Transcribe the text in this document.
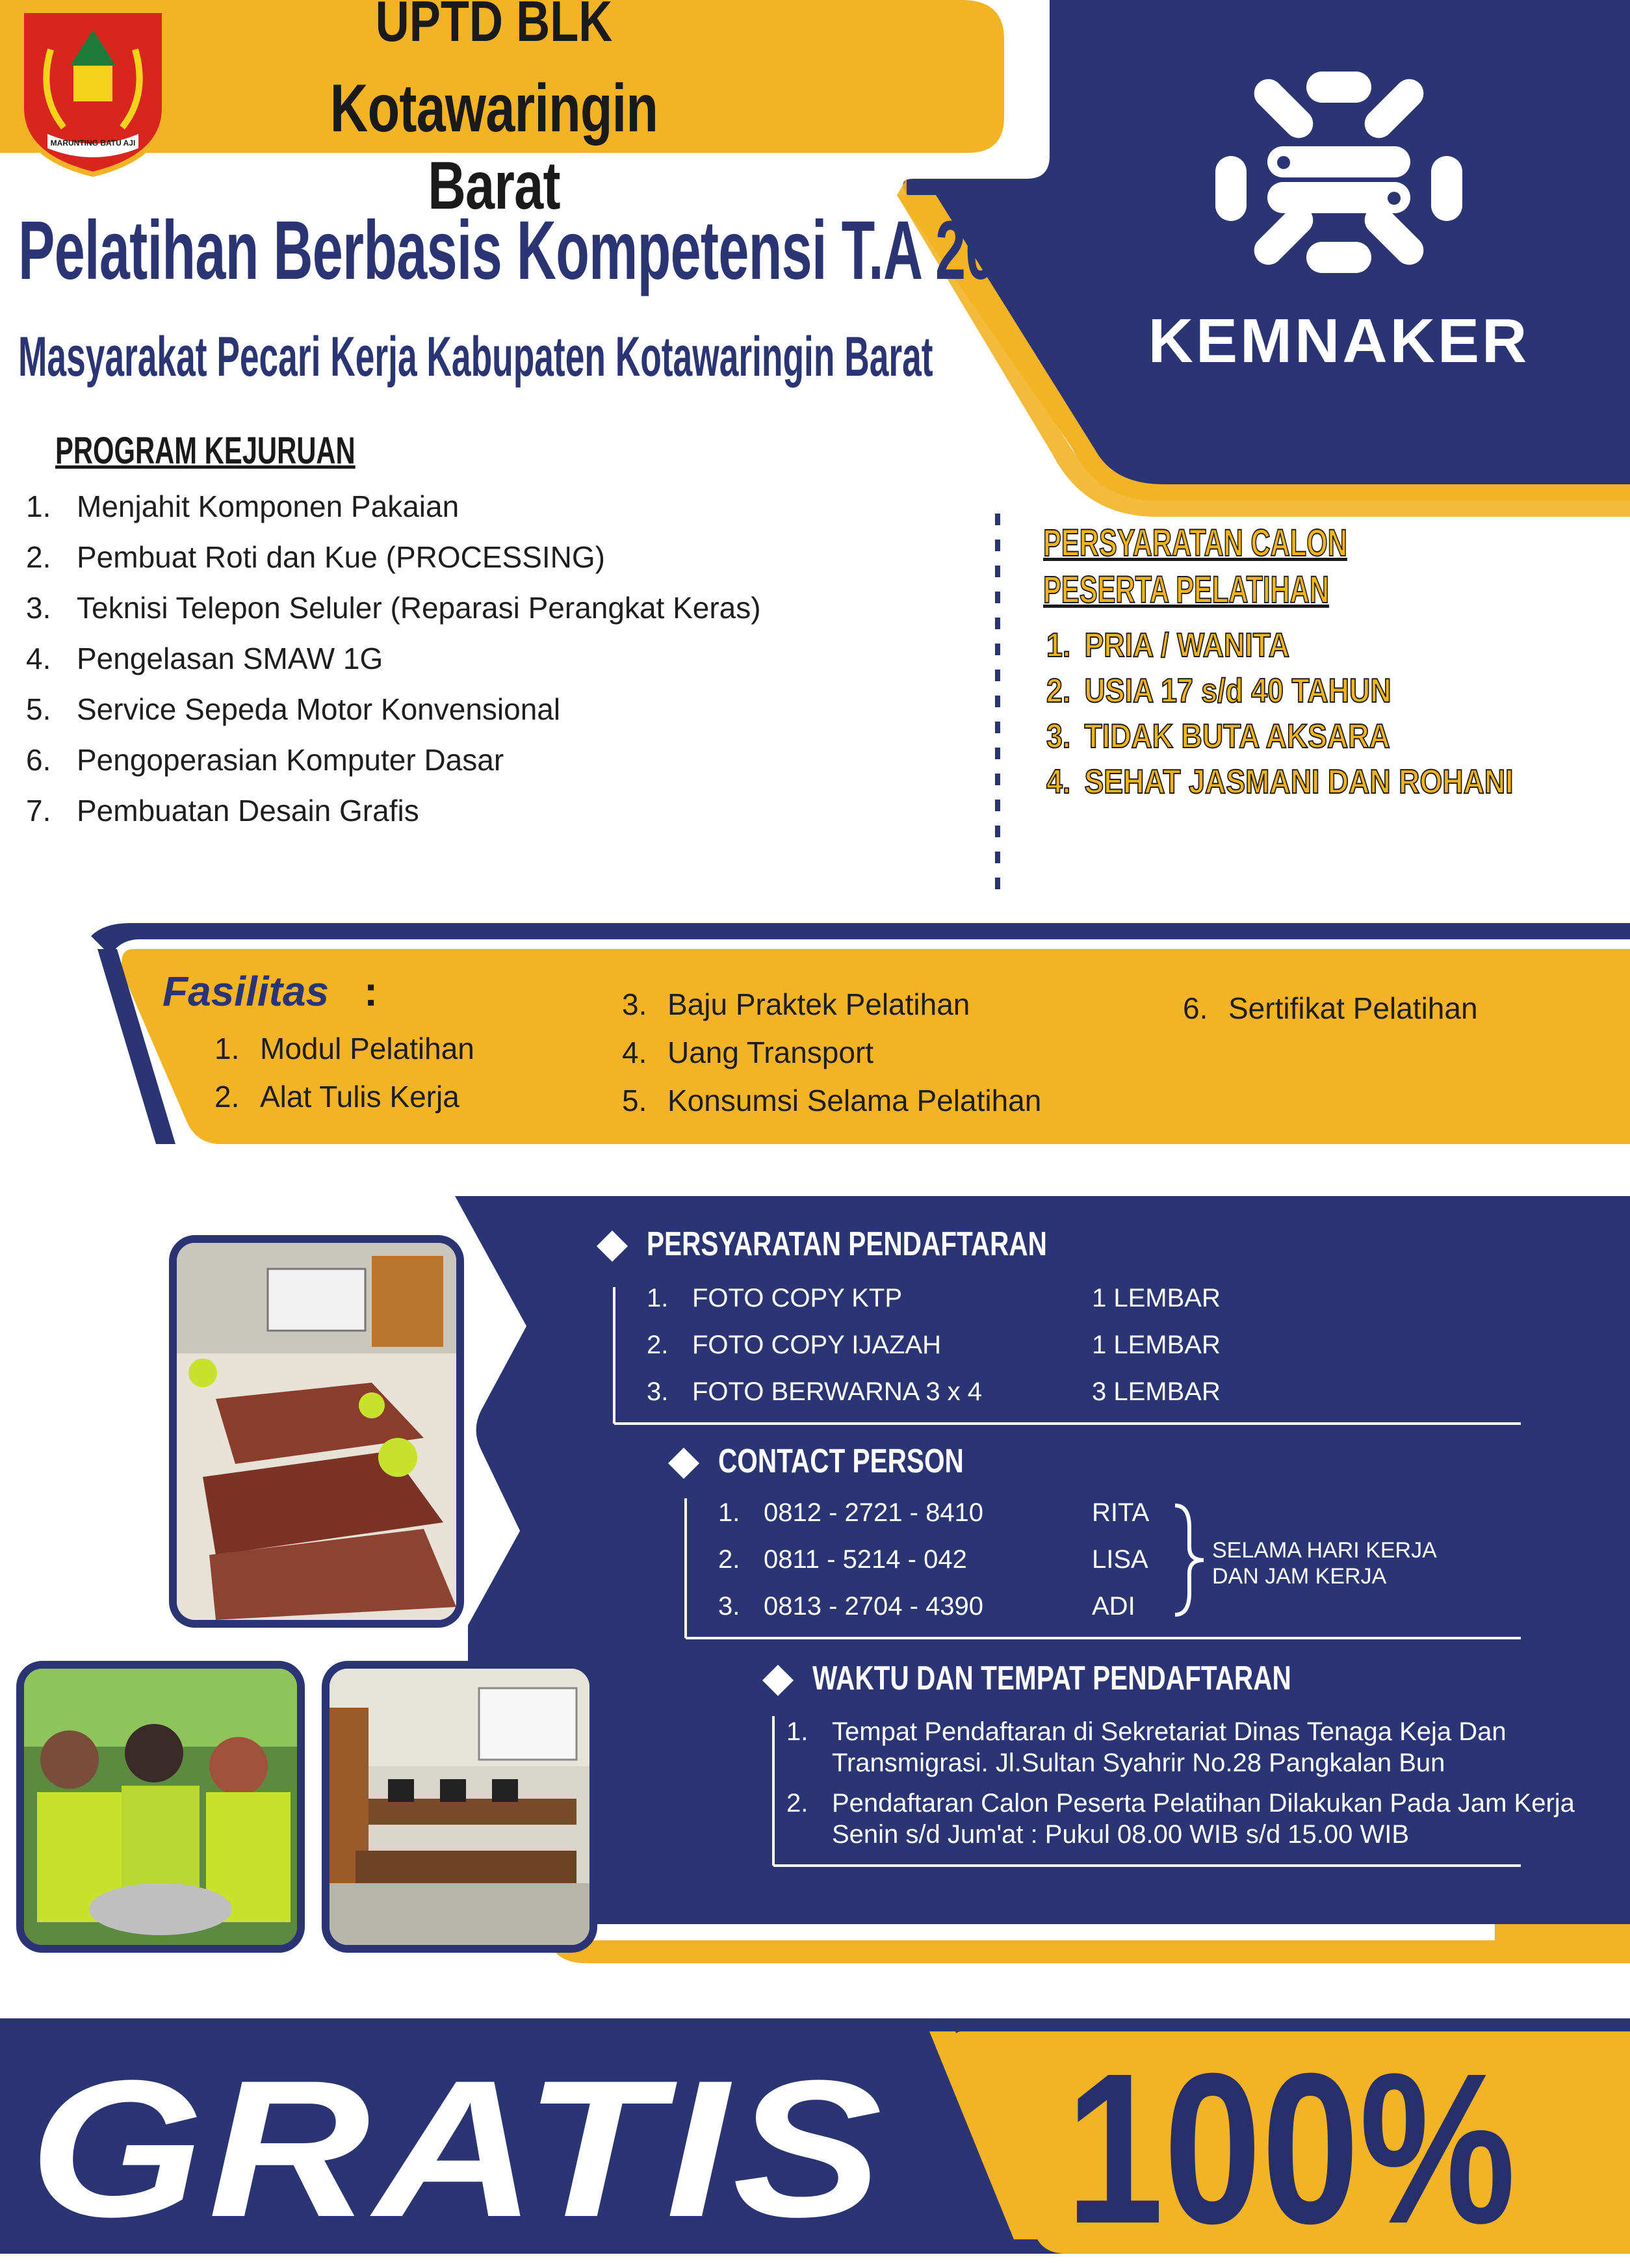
MARUNTING BATU AJI
UPTD BLK
Kotawaringin Barat
KEMNAKER
Pelatihan Berbasis Kompetensi T.A 2019
Masyarakat Pecari Kerja Kabupaten Kotawaringin Barat
PROGRAM KEJURUAN
1. Menjahit Komponen Pakaian
2. Pembuat Roti dan Kue (PROCESSING)
3. Teknisi Telepon Seluler (Reparasi Perangkat Keras)
4. Pengelasan SMAW 1G
5. Service Sepeda Motor Konvensional
6. Pengoperasian Komputer Dasar
7. Pembuatan Desain Grafis
PERSYARATAN CALON
PESERTA PELATIHAN
1. PRIA / WANITA
2. USIA 17 s/d 40 TAHUN
3. TIDAK BUTA AKSARA
4. SEHAT JASMANI DAN ROHANI
Fasilitas :
1. Modul Pelatihan
2. Alat Tulis Kerja
3. Baju Praktek Pelatihan
4. Uang Transport
5. Konsumsi Selama Pelatihan
6. Sertifikat Pelatihan
PERSYARATAN PENDAFTARAN
1. FOTO COPY KTP	1 LEMBAR
2. FOTO COPY IJAZAH	1 LEMBAR
3. FOTO BERWARNA 3 x 4	3 LEMBAR
CONTACT PERSON
1. 0812 - 2721 - 8410	RITA
2. 0811 - 5214 - 042	LISA
3. 0813 - 2704 - 4390	ADI
SELAMA HARI KERJA
DAN JAM KERJA
WAKTU DAN TEMPAT PENDAFTARAN
1. Tempat Pendaftaran di Sekretariat Dinas Tenaga Keja Dan
Transmigrasi. Jl.Sultan Syahrir No.28 Pangkalan Bun
2. Pendaftaran Calon Peserta Pelatihan Dilakukan Pada Jam Kerja
Senin s/d Jum'at : Pukul 08.00 WIB s/d 15.00 WIB
GRATIS 100%
